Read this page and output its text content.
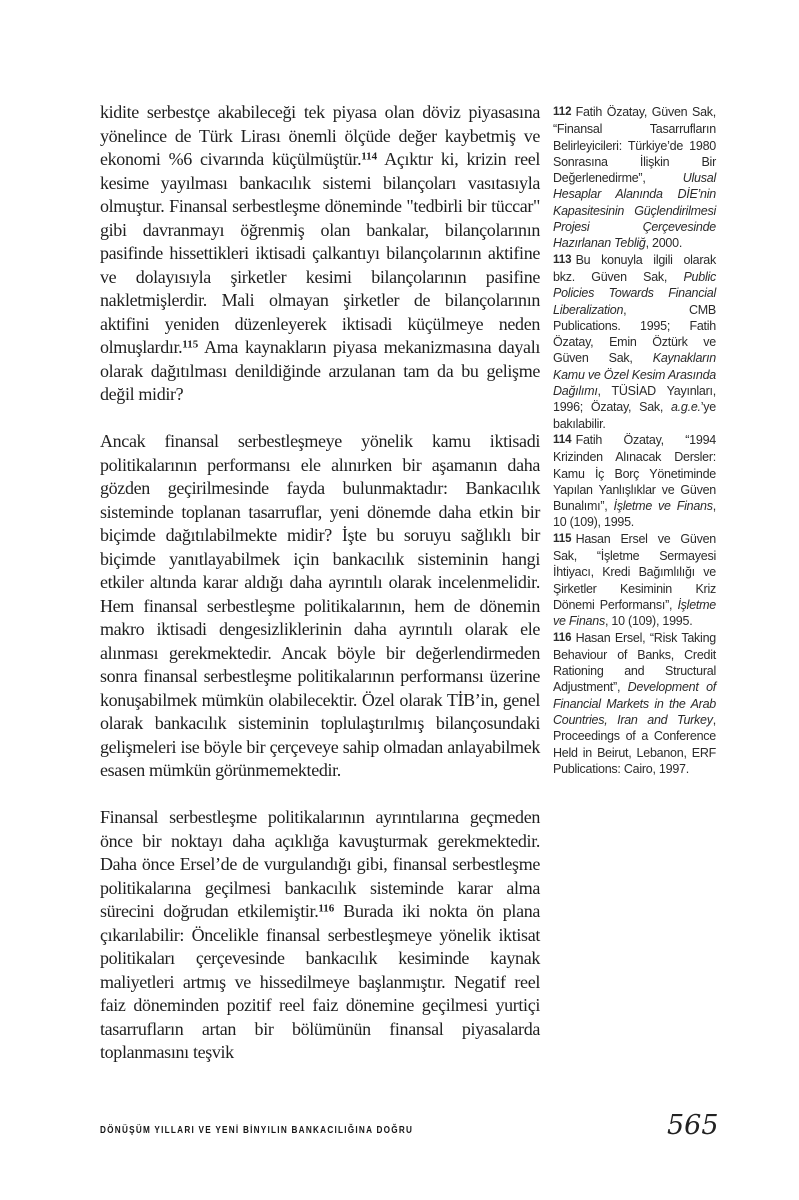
kidite serbestçe akabileceği tek piyasa olan döviz piyasasına yönelince de Türk Lirası önemli ölçüde değer kaybetmiş ve ekonomi %6 civarında küçülmüştür.$^{114}$ Açıktır ki, krizin reel kesime yayılması bankacılık sistemi bilançoları vasıtasıyla olmuştur. Finansal serbestleşme döneminde "tedbirli bir tüccar" gibi davranmayı öğrenmiş olan bankalar, bilançolarının pasifinde hissettikleri iktisadi çalkantıyı bilançolarının aktifine ve dolayısıyla şirketler kesimi bilançolarının pasifine nakletmişlerdir. Mali olmayan şirketler de bilançolarının aktifini yeniden düzenleyerek iktisadi küçülmeye neden olmuşlardır.$^{115}$ Ama kaynakların piyasa mekanizmasına dayalı olarak dağıtılması denildiğinde arzulanan tam da bu gelişme değil midir?

Ancak finansal serbestleşmeye yönelik kamu iktisadi politikalarının performansı ele alınırken bir aşamanın daha gözden geçirilmesinde fayda bulunmaktadır: Bankacılık sisteminde toplanan tasarruflar, yeni dönemde daha etkin bir biçimde dağıtılabilmekte midir? İşte bu soruyu sağlıklı bir biçimde yanıtlayabilmek için bankacılık sisteminin hangi etkiler altında karar aldığı daha ayrıntılı olarak incelenmelidir. Hem finansal serbestleşme politikalarının, hem de dönemin makro iktisadi dengesizliklerinin daha ayrıntılı olarak ele alınması gerekmektedir. Ancak böyle bir değerlendirmeden sonra finansal serbestleşme politikalarının performansı üzerine konuşabilmek mümkün olabilecektir. Özel olarak TİB’in, genel olarak bankacılık sisteminin toplulaştırılmış bilançosundaki gelişmeleri ise böyle bir çerçeveye sahip olmadan anlayabilmek esasen mümkün görünmemektedir.

Finansal serbestleşme politikalarının ayrıntılarına geçmeden önce bir noktayı daha açıklığa kavuşturmak gerekmektedir. Daha önce Ersel’de de vurgulandığı gibi, finansal serbestleşme politikalarına geçilmesi bankacılık sisteminde karar alma sürecini doğrudan etkilemiştir.$^{116}$ Burada iki nokta ön plana çıkarılabilir: Öncelikle finansal serbestleşmeye yönelik iktisat politikaları çerçevesinde bankacılık kesiminde kaynak maliyetleri artmış ve hissedilmeye başlanmıştır. Negatif reel faiz döneminden pozitif reel faiz dönemine geçilmesi yurtiçi tasarrufların artan bir bölümünün finansal piyasalarda toplanmasını teşvik

112 Fatih Özatay, Güven Sak, “Finansal Tasarrufların Belirleyicileri: Türkiye’de 1980 Sonrasına İlişkin Bir Değerlenedirme”, Ulusal Hesaplar Alanında DİE’nin Kapasitesinin Güçlendirilmesi Projesi Çerçevesinde Hazırlanan Tebliğ, 2000.
113 Bu konuyla ilgili olarak bkz. Güven Sak, Public Policies Towards Financial Liberalization, CMB Publications. 1995; Fatih Özatay, Emin Öztürk ve Güven Sak, Kaynakların Kamu ve Özel Kesim Arasında Dağılımı, TÜSİAD Yayınları, 1996; Özatay, Sak, a.g.e.’ye bakılabilir.
114 Fatih Özatay, “1994 Krizinden Alınacak Dersler: Kamu İç Borç Yönetiminde Yapılan Yanlışlıklar ve Güven Bunalımı”, İşletme ve Finans, 10 (109), 1995.
115 Hasan Ersel ve Güven Sak, “İşletme Sermayesi İhtiyacı, Kredi Bağımlılığı ve Şirketler Kesiminin Kriz Dönemi Performansı”, İşletme ve Finans, 10 (109), 1995.
116 Hasan Ersel, “Risk Taking Behaviour of Banks, Credit Rationing and Structural Adjustment”, Development of Financial Markets in the Arab Countries, Iran and Turkey, Proceedings of a Conference Held in Beirut, Lebanon, ERF Publications: Cairo, 1997.
DÖNÜŞÜM YILLARI VE YENİ BİNYILIN BANKACILIĞINA DOĞRU	565
